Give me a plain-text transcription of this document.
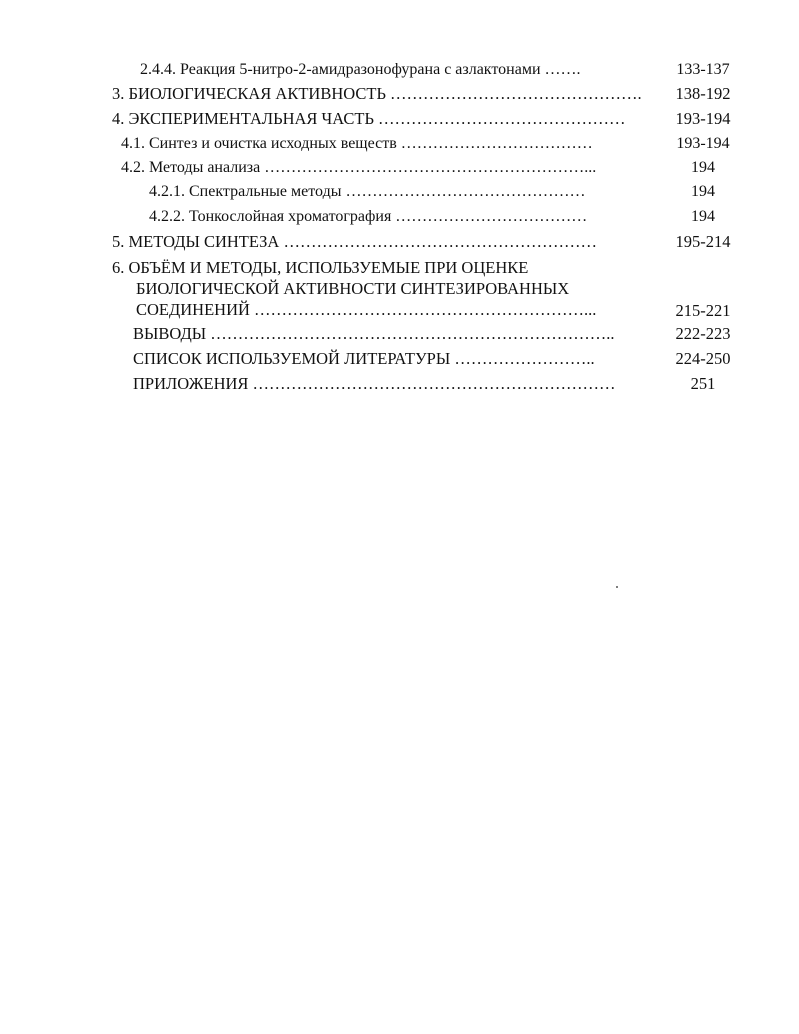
2.4.4. Реакция 5-нитро-2-амидразонофурана с азлактонами …….	133-137
3. БИОЛОГИЧЕСКАЯ АКТИВНОСТЬ ……………………………………….	138-192
4. ЭКСПЕРИМЕНТАЛЬНАЯ ЧАСТЬ ………………………………………	193-194
4.1. Синтез и очистка исходных веществ ………………………………	193-194
4.2. Методы анализа ……………………………………………………...	194
4.2.1. Спектральные методы ………………………………………	194
4.2.2. Тонкослойная хроматография ………………………………	194
5. МЕТОДЫ СИНТЕЗА …………………………………………………	195-214
6. ОБЪЁМ И МЕТОДЫ, ИСПОЛЬЗУЕМЫЕ ПРИ ОЦЕНКЕ
БИОЛОГИЧЕСКОЙ АКТИВНОСТИ СИНТЕЗИРОВАННЫХ
СОЕДИНЕНИЙ ……………………………………………………...	215-221
ВЫВОДЫ ………………………………………………………………..	222-223
СПИСОК ИСПОЛЬЗУЕМОЙ ЛИТЕРАТУРЫ ……………………..	224-250
ПРИЛОЖЕНИЯ …………………………………………………………	251
